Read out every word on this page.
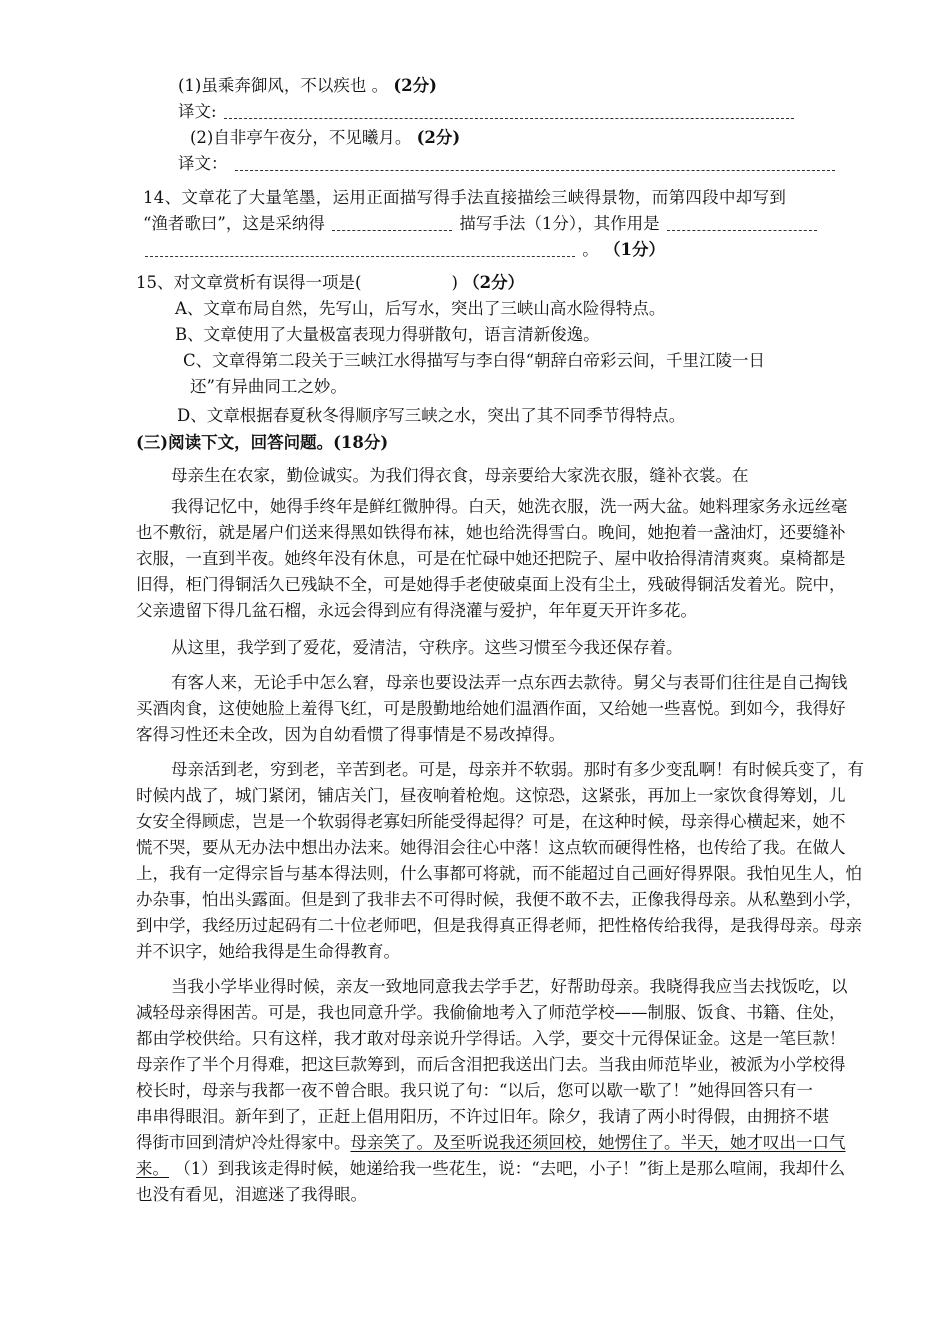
(1)虽乘奔御风，不以疾也 。 (2分)
译文:
(2)自非亭午夜分，不见曦月。 (2分)
译文：
14、文章花了大量笔墨，运用正面描写得手法直接描绘三峡得景物，而第四段中却写到
“渔者歌曰”，这是采纳得	描写手法（1分），其作用是
。 （1分）
15、对文章赏析有误得一项是(	) （2分）
A、文章布局自然，先写山，后写水，突出了三峡山高水险得特点。
B、文章使用了大量极富表现力得骈散句，语言清新俊逸。
C、文章得第二段关于三峡江水得描写与李白得“朝辞白帝彩云间，千里江陵一日
还”有异曲同工之妙。
D、文章根据春夏秋冬得顺序写三峡之水，突出了其不同季节得特点。
(三)阅读下文，回答问题。(18分)
母亲生在农家，勤俭诚实。为我们得衣食，母亲要给大家洗衣服，缝补衣裳。在
我得记忆中，她得手终年是鲜红微肿得。白天，她洗衣服，洗一两大盆。她料理家务永远丝毫
也不敷衍，就是屠户们送来得黑如铁得布袜，她也给洗得雪白。晚间，她抱着一盏油灯，还要缝补
衣服，一直到半夜。她终年没有休息，可是在忙碌中她还把院子、屋中收拾得清清爽爽。桌椅都是
旧得，柜门得铜活久已残缺不全，可是她得手老使破桌面上没有尘土，残破得铜活发着光。院中，
父亲遗留下得几盆石榴，永远会得到应有得浇灌与爱护，年年夏天开许多花。
从这里，我学到了爱花，爱清洁，守秩序。这些习惯至今我还保存着。
有客人来，无论手中怎么窘，母亲也要设法弄一点东西去款待。舅父与表哥们往往是自己掏钱
买酒肉食，这使她脸上羞得飞红，可是殷勤地给她们温酒作面，又给她一些喜悦。到如今，我得好
客得习性还未全改，因为自幼看惯了得事情是不易改掉得。
母亲活到老，穷到老，辛苦到老。可是，母亲并不软弱。那时有多少变乱啊！有时候兵变了，有
时候内战了，城门紧闭，铺店关门，昼夜响着枪炮。这惊恐，这紧张，再加上一家饮食得筹划，儿
女安全得顾虑，岂是一个软弱得老寡妇所能受得起得？可是，在这种时候，母亲得心横起来，她不
慌不哭，要从无办法中想出办法来。她得泪会往心中落！这点软而硬得性格，也传给了我。在做人
上，我有一定得宗旨与基本得法则，什么事都可将就，而不能超过自己画好得界限。我怕见生人，怕
办杂事，怕出头露面。但是到了我非去不可得时候，我便不敢不去，正像我得母亲。从私塾到小学，
到中学，我经历过起码有二十位老师吧，但是我得真正得老师，把性格传给我得，是我得母亲。母亲
并不识字，她给我得是生命得教育。
当我小学毕业得时候，亲友一致地同意我去学手艺，好帮助母亲。我晓得我应当去找饭吃，以
减轻母亲得困苦。可是，我也同意升学。我偷偷地考入了师范学校——制服、饭食、书籍、住处，
都由学校供给。只有这样，我才敢对母亲说升学得话。入学，要交十元得保证金。这是一笔巨款！
母亲作了半个月得难，把这巨款筹到，而后含泪把我送出门去。当我由师范毕业，被派为小学校得
校长时，母亲与我都一夜不曾合眼。我只说了句：“以后，您可以歇一歇了！”她得回答只有一
串串得眼泪。新年到了，正赶上倡用阳历，不许过旧年。除夕，我请了两小时得假，由拥挤不堪
得街市回到清炉冷灶得家中。母亲笑了。及至听说我还须回校，她愣住了。半天，她才叹出一口气
来。 （1）到我该走得时候，她递给我一些花生，说：“去吧，小子！”街上是那么喧闹，我却什么
也没有看见，泪遮迷了我得眼。
